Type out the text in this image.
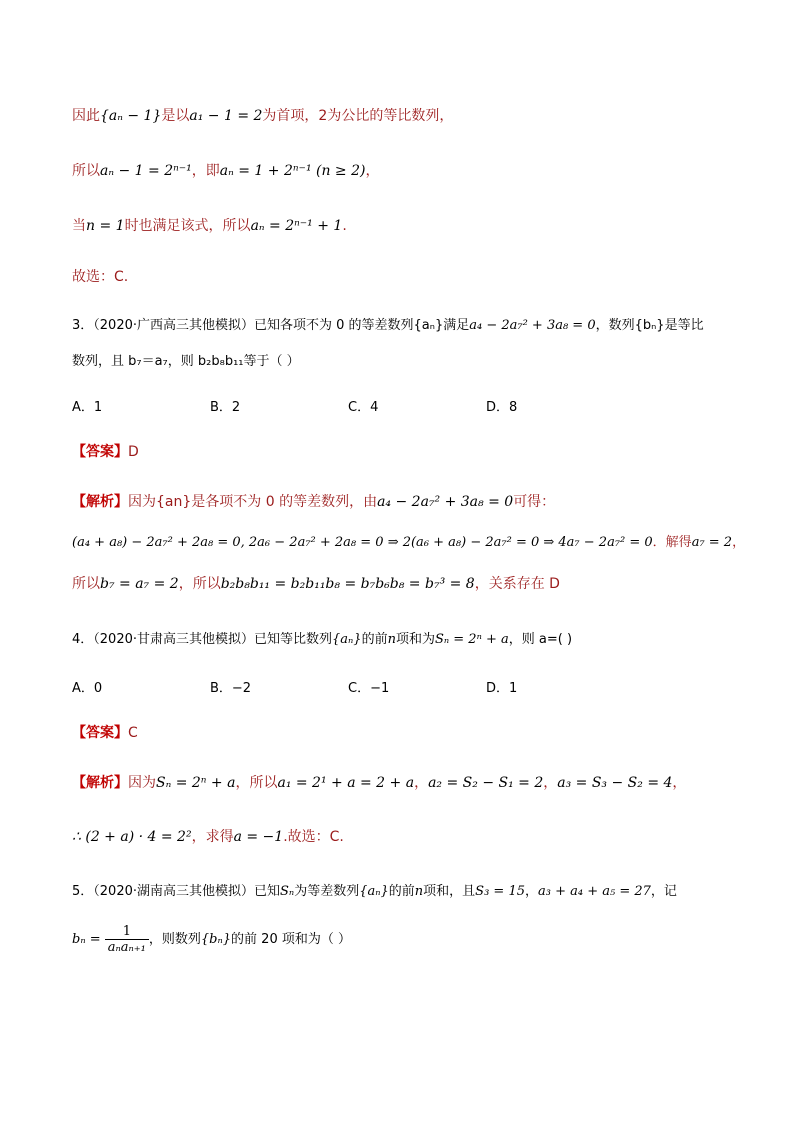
因此{aₙ − 1}是以a₁ − 1 = 2为首项，2为公比的等比数列，
所以aₙ − 1 = 2ⁿ⁻¹，即aₙ = 1 + 2ⁿ⁻¹ (n ≥ 2)，
当n = 1时也满足该式，所以aₙ = 2ⁿ⁻¹ + 1.
故选：C.
3．（2020·广西高三其他模拟）已知各项不为 0 的等差数列{aₙ}满足a₄ − 2a₇² + 3a₈ = 0，数列{bₙ}是等比
数列，且 b₇＝a₇，则 b₂b₈b₁₁等于（ ）
A．1	B．2	C．4	D．8
【答案】D
【解析】因为{an}是各项不为 0 的等差数列，由a₄ − 2a₇² + 3a₈ = 0可得：
(a₄ + a₈) − 2a₇² + 2a₈ = 0, 2a₆ − 2a₇² + 2a₈ = 0 ⇒ 2(a₆ + a₈) − 2a₇² = 0 ⇒ 4a₇ − 2a₇² = 0．解得a₇ = 2，
所以b₇ = a₇ = 2，所以b₂b₈b₁₁ = b₂b₁₁b₈ = b₇b₆b₈ = b₇³ = 8，关系存在 D
4．（2020·甘肃高三其他模拟）已知等比数列{aₙ}的前n项和为Sₙ = 2ⁿ + a，则 a=( )
A．0	B．−2	C．−1	D．1
【答案】C
【解析】因为Sₙ = 2ⁿ + a，所以a₁ = 2¹ + a = 2 + a，a₂ = S₂ − S₁ = 2，a₃ = S₃ − S₂ = 4，
∴ (2 + a) · 4 = 2²，求得a = −1.故选：C.
5．（2020·湖南高三其他模拟）已知Sₙ为等差数列{aₙ}的前n项和，且S₃ = 15，a₃ + a₄ + a₅ = 27，记
$b_n = \frac{1}{\text{aₙaₙ₊₁}}$ ，则数列{bₙ}的前 20 项和为（ ）
